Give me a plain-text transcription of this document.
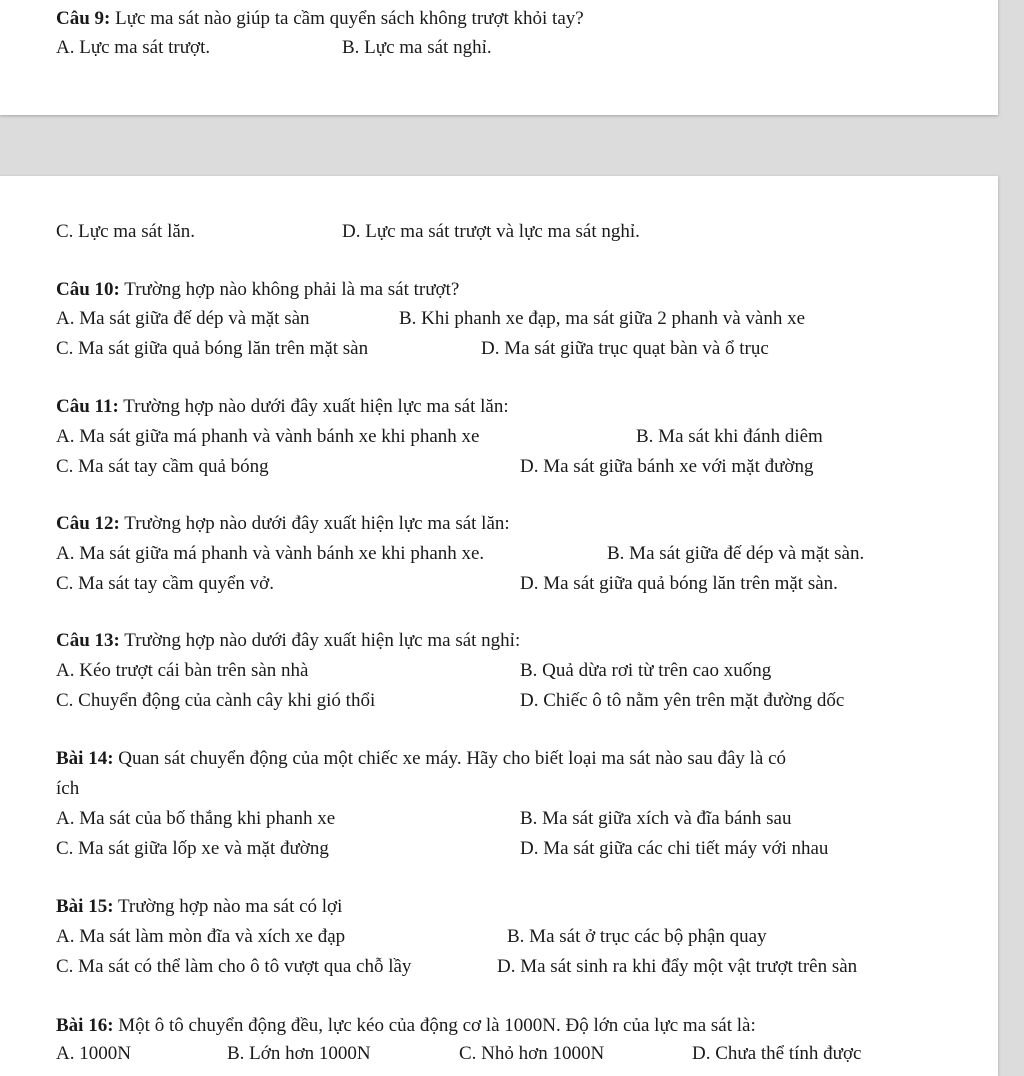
Câu 9: Lực ma sát nào giúp ta cầm quyển sách không trượt khỏi tay?
A. Lực ma sát trượt.	B. Lực ma sát nghỉ.
C. Lực ma sát lăn.	D. Lực ma sát trượt và lực ma sát nghỉ.
Câu 10: Trường hợp nào không phải là ma sát trượt?
A. Ma sát giữa đế dép và mặt sàn	B. Khi phanh xe đạp, ma sát giữa 2 phanh và vành xe
C. Ma sát giữa quả bóng lăn trên mặt sàn	D. Ma sát giữa trục quạt bàn và ổ trục
Câu 11: Trường hợp nào dưới đây xuất hiện lực ma sát lăn:
A. Ma sát giữa má phanh và vành bánh xe khi phanh xe	B. Ma sát khi đánh diêm
C. Ma sát tay cầm quả bóng	D. Ma sát giữa bánh xe với mặt đường
Câu 12: Trường hợp nào dưới đây xuất hiện lực ma sát lăn:
A. Ma sát giữa má phanh và vành bánh xe khi phanh xe.	B. Ma sát giữa đế dép và mặt sàn.
C. Ma sát tay cầm quyển vở.	D. Ma sát giữa quả bóng lăn trên mặt sàn.
Câu 13: Trường hợp nào dưới đây xuất hiện lực ma sát nghỉ:
A. Kéo trượt cái bàn trên sàn nhà	B. Quả dừa rơi từ trên cao xuống
C. Chuyển động của cành cây khi gió thổi	D. Chiếc ô tô nằm yên trên mặt đường dốc
Bài 14: Quan sát chuyển động của một chiếc xe máy. Hãy cho biết loại ma sát nào sau đây là có
ích
A. Ma sát của bố thắng khi phanh xe	B. Ma sát giữa xích và đĩa bánh sau
C. Ma sát giữa lốp xe và mặt đường	D. Ma sát giữa các chi tiết máy với nhau
Bài 15: Trường hợp nào ma sát có lợi
A. Ma sát làm mòn đĩa và xích xe đạp	B. Ma sát ở trục các bộ phận quay
C. Ma sát có thể làm cho ô tô vượt qua chỗ lầy	D. Ma sát sinh ra khi đẩy một vật trượt trên sàn
Bài 16: Một ô tô chuyển động đều, lực kéo của động cơ là 1000N. Độ lớn của lực ma sát là:
A. 1000N	B. Lớn hơn 1000N	C. Nhỏ hơn 1000N	D. Chưa thể tính được
